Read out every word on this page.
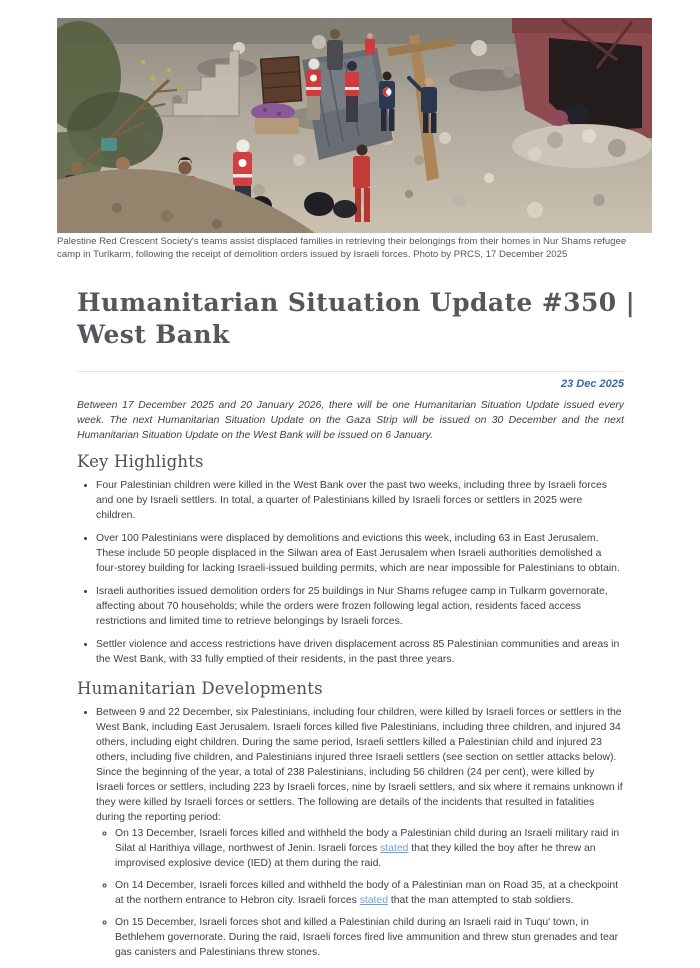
Palestine Red Crescent Society's teams assist displaced families in retrieving their belongings from their homes in Nur Shams refugee camp in Turlkarm, following the receipt of demolition orders issued by Israeli forces. Photo by PRCS, 17 December 2025

Humanitarian Situation Update #350 | West Bank
23 Dec 2025

Between 17 December 2025 and 20 January 2026, there will be one Humanitarian Situation Update issued every week. The next Humanitarian Situation Update on the Gaza Strip will be issued on 30 December and the next Humanitarian Situation Update on the West Bank will be issued on 6 January.

Key Highlights
• Four Palestinian children were killed in the West Bank over the past two weeks, including three by Israeli forces and one by Israeli settlers. In total, a quarter of Palestinians killed by Israeli forces or settlers in 2025 were children.
• Over 100 Palestinians were displaced by demolitions and evictions this week, including 63 in East Jerusalem. These include 50 people displaced in the Silwan area of East Jerusalem when Israeli authorities demolished a four-storey building for lacking Israeli-issued building permits, which are near impossible for Palestinians to obtain.
• Israeli authorities issued demolition orders for 25 buildings in Nur Shams refugee camp in Tulkarm governorate, affecting about 70 households; while the orders were frozen following legal action, residents faced access restrictions and limited time to retrieve belongings by Israeli forces.
• Settler violence and access restrictions have driven displacement across 85 Palestinian communities and areas in the West Bank, with 33 fully emptied of their residents, in the past three years.
Humanitarian Developments
• Between 9 and 22 December, six Palestinians, including four children, were killed by Israeli forces or settlers in the West Bank, including East Jerusalem. Israeli forces killed five Palestinians, including three children, and injured 34 others, including eight children. During the same period, Israeli settlers killed a Palestinian child and injured 23 others, including five children, and Palestinians injured three Israeli settlers (see section on settler attacks below). Since the beginning of the year, a total of 238 Palestinians, including 56 children (24 per cent), were killed by Israeli forces or settlers, including 223 by Israeli forces, nine by Israeli settlers, and six where it remains unknown if they were killed by Israeli forces or settlers. The following are details of the incidents that resulted in fatalities during the reporting period:
◦ On 13 December, Israeli forces killed and withheld the body a Palestinian child during an Israeli military raid in Silat al Harithiya village, northwest of Jenin. Israeli forces stated that they killed the boy after he threw an improvised explosive device (IED) at them during the raid.
◦ On 14 December, Israeli forces killed and withheld the body of a Palestinian man on Road 35, at a checkpoint at the northern entrance to Hebron city. Israeli forces stated that the man attempted to stab soldiers.
◦ On 15 December, Israeli forces shot and killed a Palestinian child during an Israeli raid in Tuqu' town, in Bethlehem governorate. During the raid, Israeli forces fired live ammunition and threw stun grenades and tear gas canisters and Palestinians threw stones.
